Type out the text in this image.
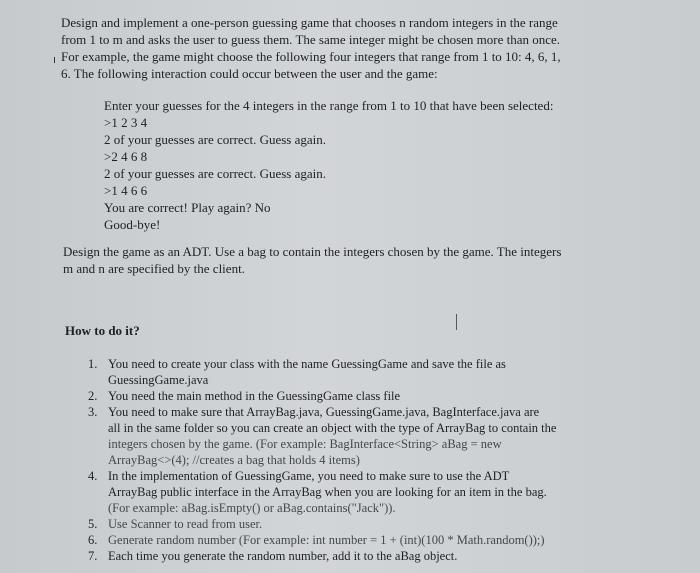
Design and implement a one-person guessing game that chooses n random integers in the range
from 1 to m and asks the user to guess them. The same integer might be chosen more than once.
For example, the game might choose the following four integers that range from 1 to 10: 4, 6, 1,
6. The following interaction could occur between the user and the game:
Enter your guesses for the 4 integers in the range from 1 to 10 that have been selected:
>1 2 3 4
2 of your guesses are correct. Guess again.
>2 4 6 8
2 of your guesses are correct. Guess again.
>1 4 6 6
You are correct! Play again? No
Good-bye!
Design the game as an ADT. Use a bag to contain the integers chosen by the game. The integers
m and n are specified by the client.
How to do it?
1. You need to create your class with the name GuessingGame and save the file as
GuessingGame.java
2. You need the main method in the GuessingGame class file
3. You need to make sure that ArrayBag.java, GuessingGame.java, BagInterface.java are
all in the same folder so you can create an object with the type of ArrayBag to contain the
integers chosen by the game. (For example: BagInterface<String> aBag = new
ArrayBag<>(4); //creates a bag that holds 4 items)
4. In the implementation of GuessingGame, you need to make sure to use the ADT
ArrayBag public interface in the ArrayBag when you are looking for an item in the bag.
(For example: aBag.isEmpty() or aBag.contains("Jack")).
5. Use Scanner to read from user.
6. Generate random number (For example: int number = 1 + (int)(100 * Math.random());)
7. Each time you generate the random number, add it to the aBag object.
